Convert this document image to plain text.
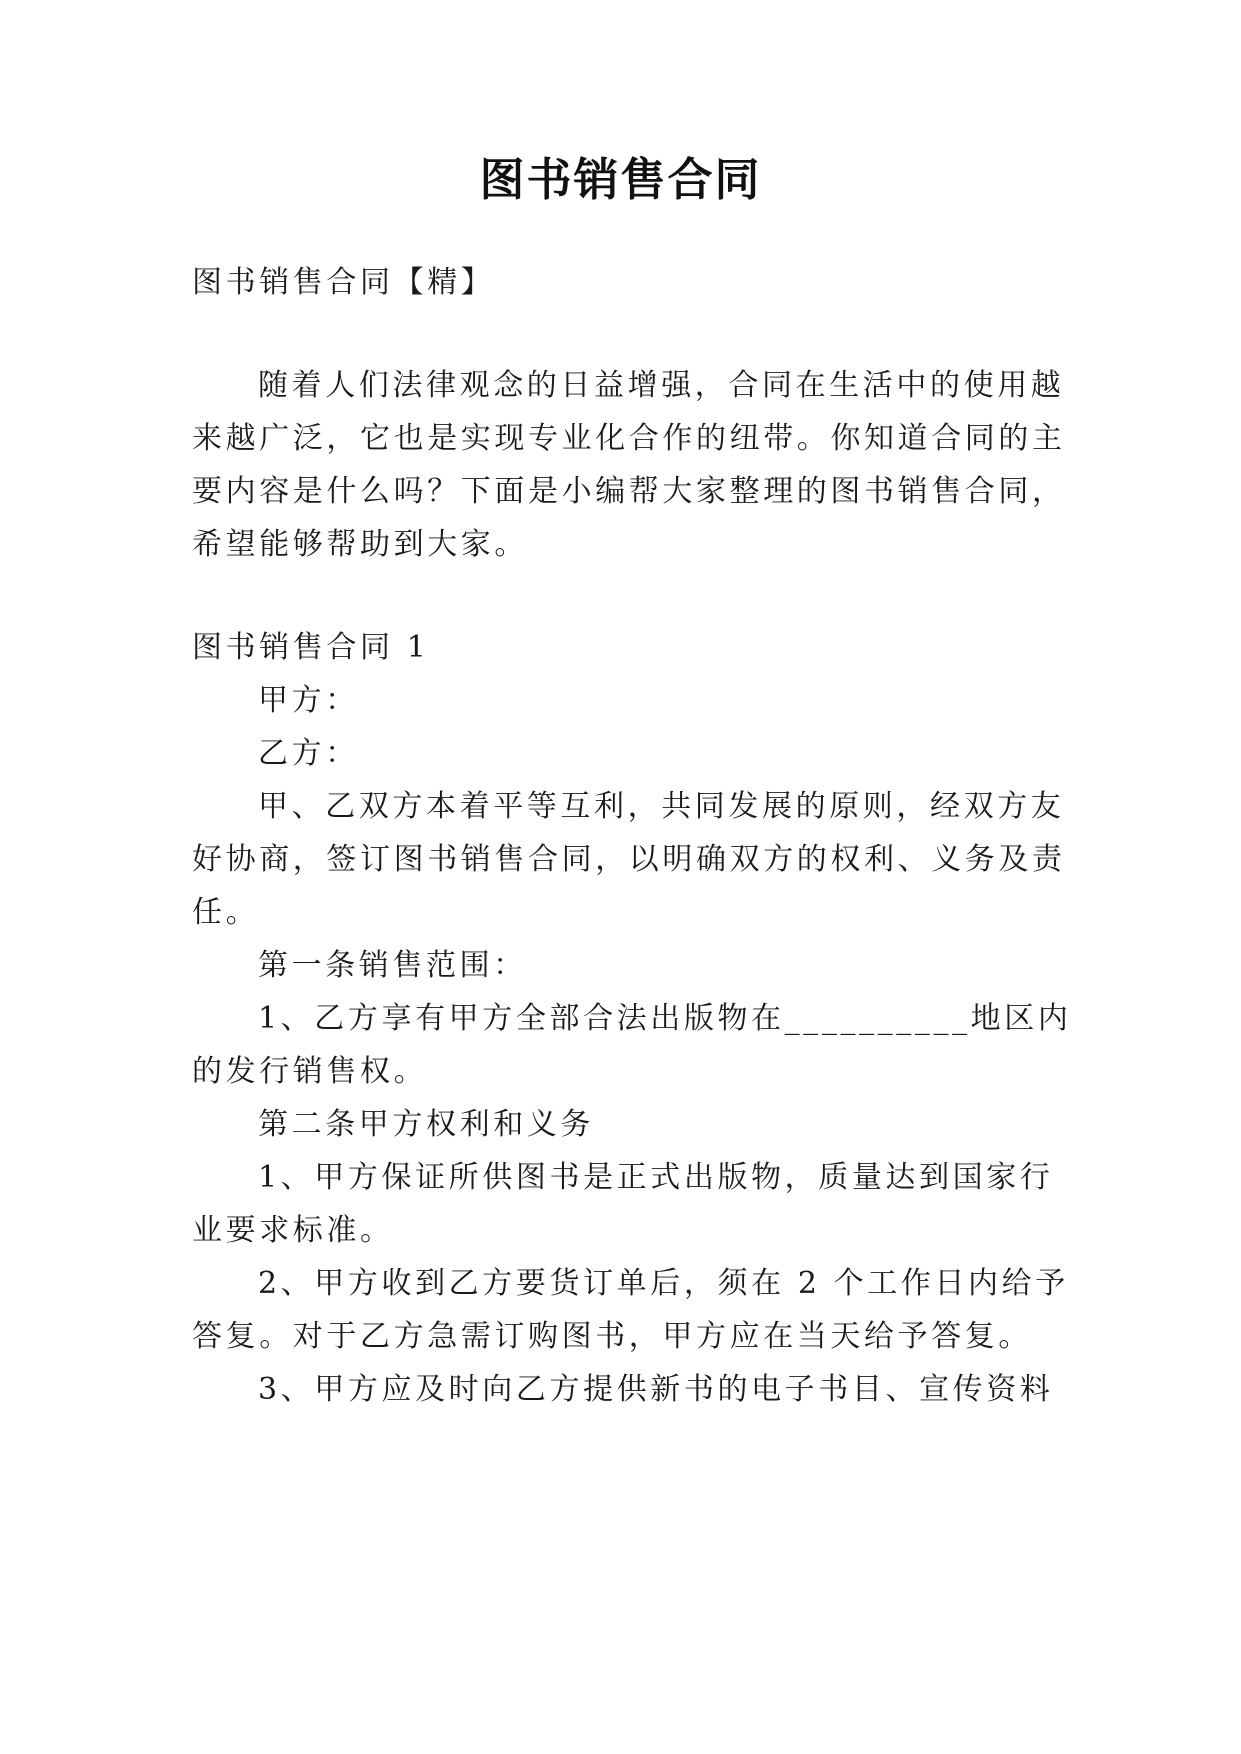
图书销售合同
图书销售合同【精】
随着人们法律观念的日益增强，合同在生活中的使用越
来越广泛，它也是实现专业化合作的纽带。你知道合同的主
要内容是什么吗？下面是小编帮大家整理的图书销售合同，
希望能够帮助到大家。
图书销售合同 1
甲方：
乙方：
甲、乙双方本着平等互利，共同发展的原则，经双方友
好协商，签订图书销售合同，以明确双方的权利、义务及责
任。
第一条销售范围：
1、乙方享有甲方全部合法出版物在__________地区内
的发行销售权。
第二条甲方权利和义务
1、甲方保证所供图书是正式出版物，质量达到国家行
业要求标准。
2、甲方收到乙方要货订单后，须在 2 个工作日内给予
答复。对于乙方急需订购图书，甲方应在当天给予答复。
3、甲方应及时向乙方提供新书的电子书目、宣传资料
